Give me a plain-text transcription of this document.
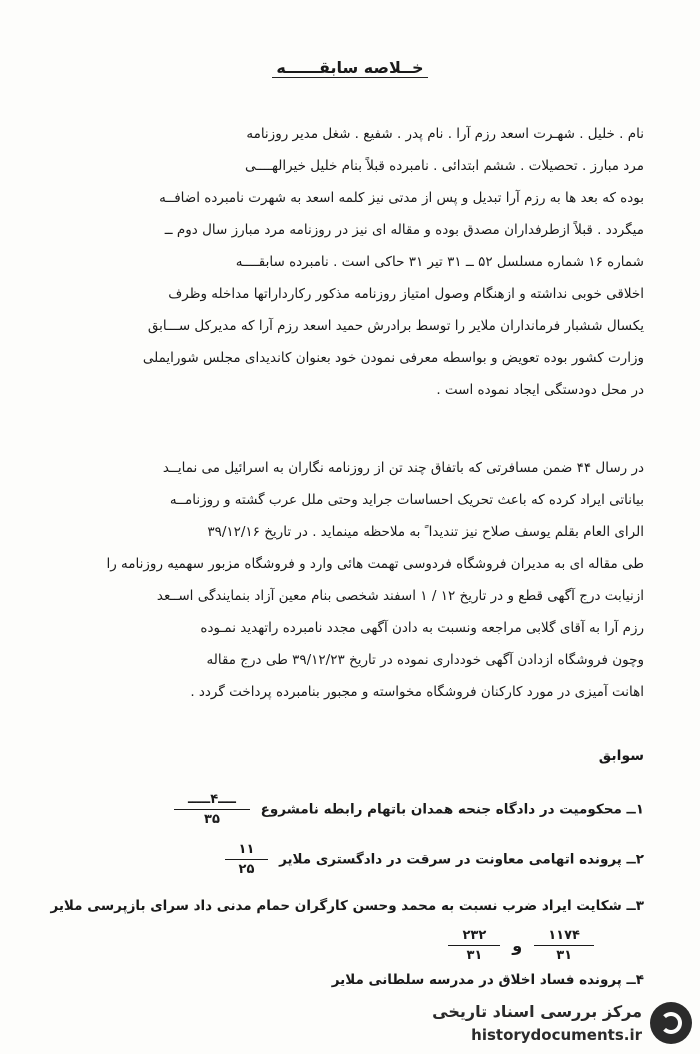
خــلاصه سابقــــــه
نام . خلیل . شهـرت اسعد رزم آرا . نام پدر . شفیع . شغل مدیر روزنامه
مرد مبارز . تحصیلات . ششم ابتدائی . نامبرده قبلاً بنام خلیل خیرالهــــی
بوده که بعد ها به رزم آرا تبدیل و پس از مدتی نیز کلمه اسعد به شهرت نامبرده اضافــه
میگردد . قبلاً ازطرفداران مصدق بوده و مقاله ای نیز در روزنامه مرد مبارز سال دوم ــ
شماره ۱۶ شماره مسلسل ۵۲ ــ ۳۱ تیر ۳۱ حاکی است . نامبرده سابقــــه
اخلاقی خوبی نداشته و ازهنگام وصول امتیاز روزنامه مذکور رکارداراتها مداخله وظرف
یکسال ششبار فرمانداران ملایر را توسط برادرش حمید اسعد رزم آرا که مدیرکل ســـابق
وزارت کشور بوده تعویض و بواسطه معرفی نمودن خود بعنوان کاندیدای مجلس شورایملی
در محل دودستگی ایجاد نموده است .
در رسال ۴۴ ضمن مسافرتی که باتفاق چند تن از روزنامه نگاران به اسرائیل می نمایــد
بیاناتی ایراد کرده که باعث تحریک احساسات جراید وحتی ملل عرب گشته و روزنامــه
الرای العام بقلم یوسف صلاح نیز تندیدا ً به ملاحظه مینماید . در تاریخ ۳۹/۱۲/۱۶
طی مقاله ای به مدیران فروشگاه فردوسی تهمت هائی وارد و فروشگاه مزبور سهمیه روزنامه را
ازنیابت درج آگهی قطع و در تاریخ ۱۲ / ۱ اسفند شخصی بنام معین آزاد بنمایندگی اســعد
رزم آرا به آقای گلابی مراجعه ونسبت به دادن آگهی مجدد نامبرده راتهدید نمـوده
وچون فروشگاه ازدادن آگهی خودداری نموده در تاریخ ۳۹/۱۲/۲۳ طی درج مقاله
اهانت آمیزی در مورد کارکنان فروشگاه مخواسته و مجبور بنامبرده پرداخت گردد .
سوابق
۱ــ محکومیت در دادگاه جنحه همدان باتهام رابطه نامشروع
$\frac{\text{ــــ۴ـــــ}}{۳۵}$
۲ــ پرونده اتهامی معاونت در سرقت در دادگستری ملایر
$\frac{۱۱}{۲۵}$
۳ــ شکایت ایراد ضرب نسبت به محمد وحسن کارگران حمام مدنی داد سرای بازپرسی ملایر
$\frac{۲۳۲}{۳۱}$ و $\frac{۱۱۷۴}{۳۱}$
۴ــ پرونده فساد اخلاق در مدرسه سلطانی ملایر
مرکز بررسی اسناد تاریخی
historydocuments.ir
